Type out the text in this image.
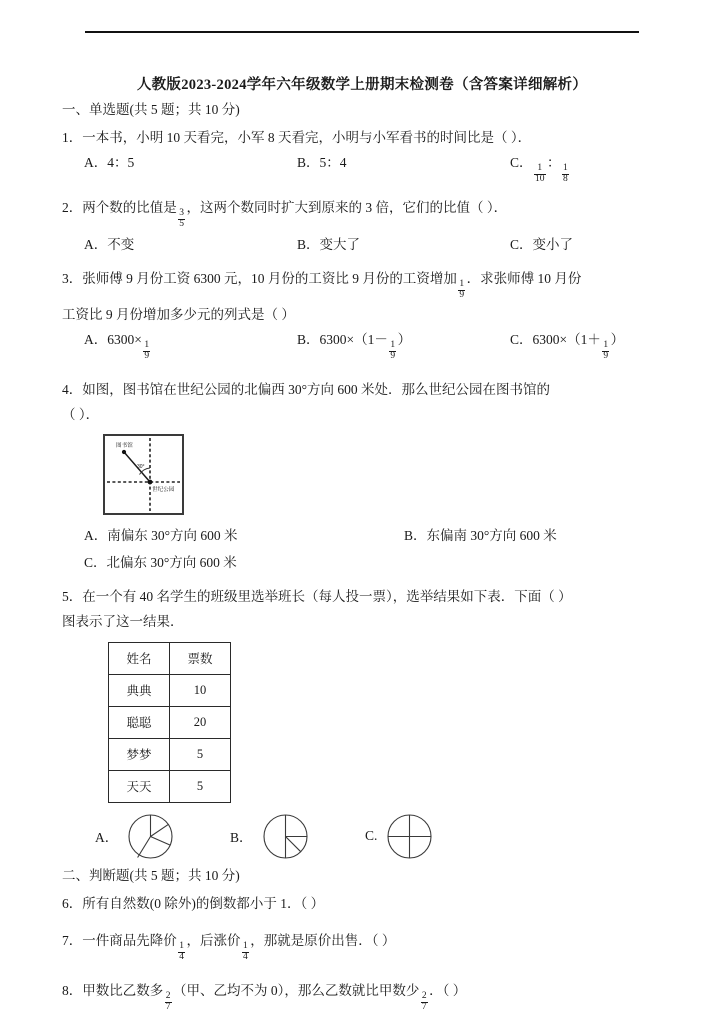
人教版2023-2024学年六年级数学上册期末检测卷（含答案详细解析）
一、单选题(共 5 题；共 10 分)
1．一本书，小明 10 天看完，小军 8 天看完，小明与小军看书的时间比是（ ）．
A．4：5	B．5：4	C．
$\frac{1}{10}$
：
$\frac{1}{8}$
2．两个数的比值是
$\frac{3}{5}$
，这两个数同时扩大到原来的 3 倍，它们的比值（ ）．
A．不变	B．变大了	C．变小了
3．张师傅 9 月份工资 6300 元，10 月份的工资比 9 月份的工资增加
$\frac{1}{9}$
．求张师傅 10 月份
工资比 9 月份增加多少元的列式是（ ）
A．6300×
$\frac{1}{9}$
B．6300×（1－
$\frac{1}{9}$
）	C．6300×（1＋
$\frac{1}{9}$
）
4．如图，图书馆在世纪公园的北偏西 30°方向 600 米处．那么世纪公园在图书馆的
（ ）．
图书馆
世纪公园
30°
A．南偏东 30°方向 600 米	B．东偏南 30°方向 600 米
C．北偏东 30°方向 600 米
5．在一个有 40 名学生的班级里选举班长（每人投一票），选举结果如下表．下面（ ）
图表示了这一结果．
姓名	票数
典典	10
聪聪	20
梦梦	5
天天	5
A．	B．	C.
二、判断题(共 5 题；共 10 分)
6．所有自然数(0 除外)的倒数都小于 1．（ ）
7．一件商品先降价
$\frac{1}{4}$
，后涨价
$\frac{1}{4}$
，那就是原价出售．（ ）
8．甲数比乙数多
$\frac{2}{7}$
（甲、乙均不为 0），那么乙数就比甲数少
$\frac{2}{7}$
．（ ）
